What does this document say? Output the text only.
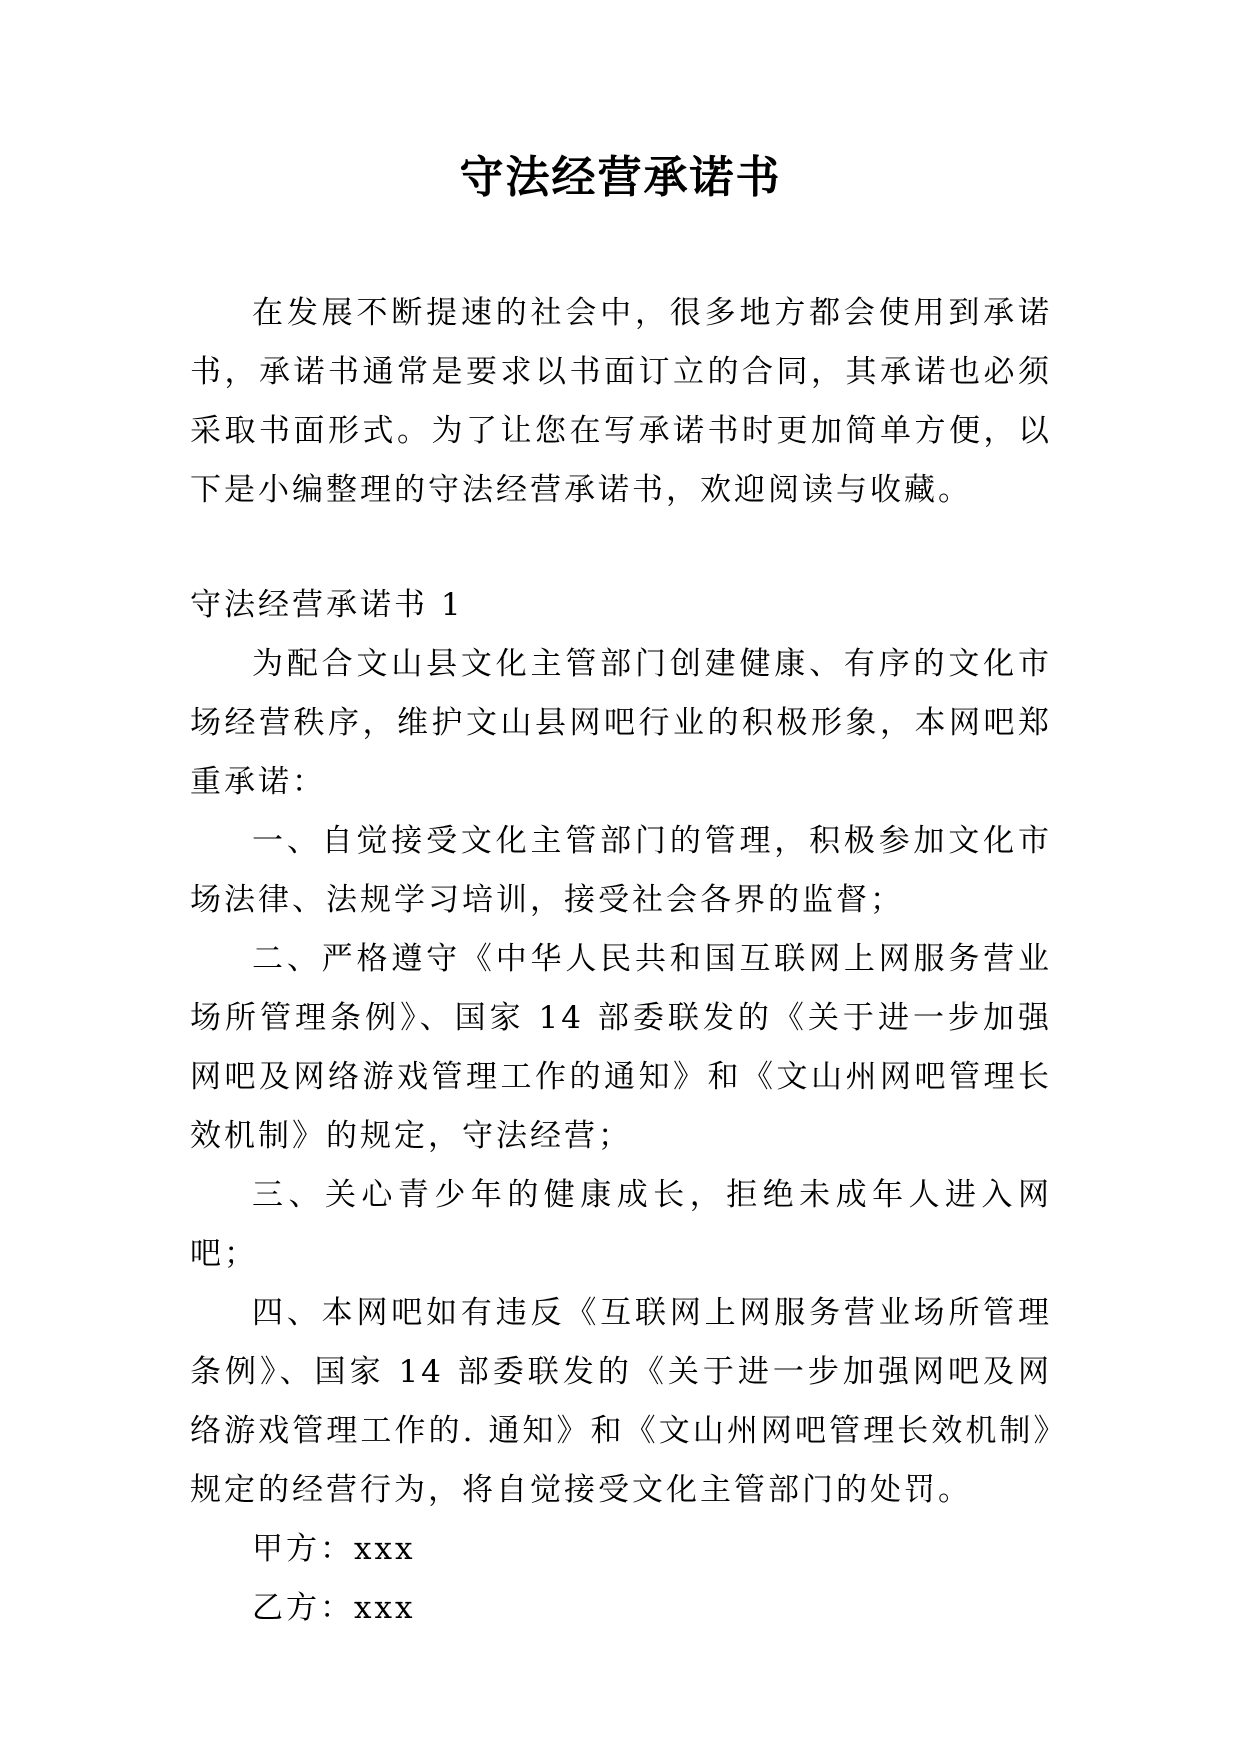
守法经营承诺书

在发展不断提速的社会中，很多地方都会使用到承诺书，承诺书通常是要求以书面订立的合同，其承诺也必须采取书面形式。为了让您在写承诺书时更加简单方便，以下是小编整理的守法经营承诺书，欢迎阅读与收藏。

守法经营承诺书 1

为配合文山县文化主管部门创建健康、有序的文化市场经营秩序，维护文山县网吧行业的积极形象，本网吧郑重承诺：

一、自觉接受文化主管部门的管理，积极参加文化市场法律、法规学习培训，接受社会各界的监督；

二、严格遵守《中华人民共和国互联网上网服务营业场所管理条例》、国家 14 部委联发的《关于进一步加强网吧及网络游戏管理工作的通知》和《文山州网吧管理长效机制》的规定，守法经营；

三、关心青少年的健康成长，拒绝未成年人进入网吧；

四、本网吧如有违反《互联网上网服务营业场所管理条例》、国家 14 部委联发的《关于进一步加强网吧及网络游戏管理工作的. 通知》和《文山州网吧管理长效机制》规定的经营行为，将自觉接受文化主管部门的处罚。

甲方：xxx

乙方：xxx
